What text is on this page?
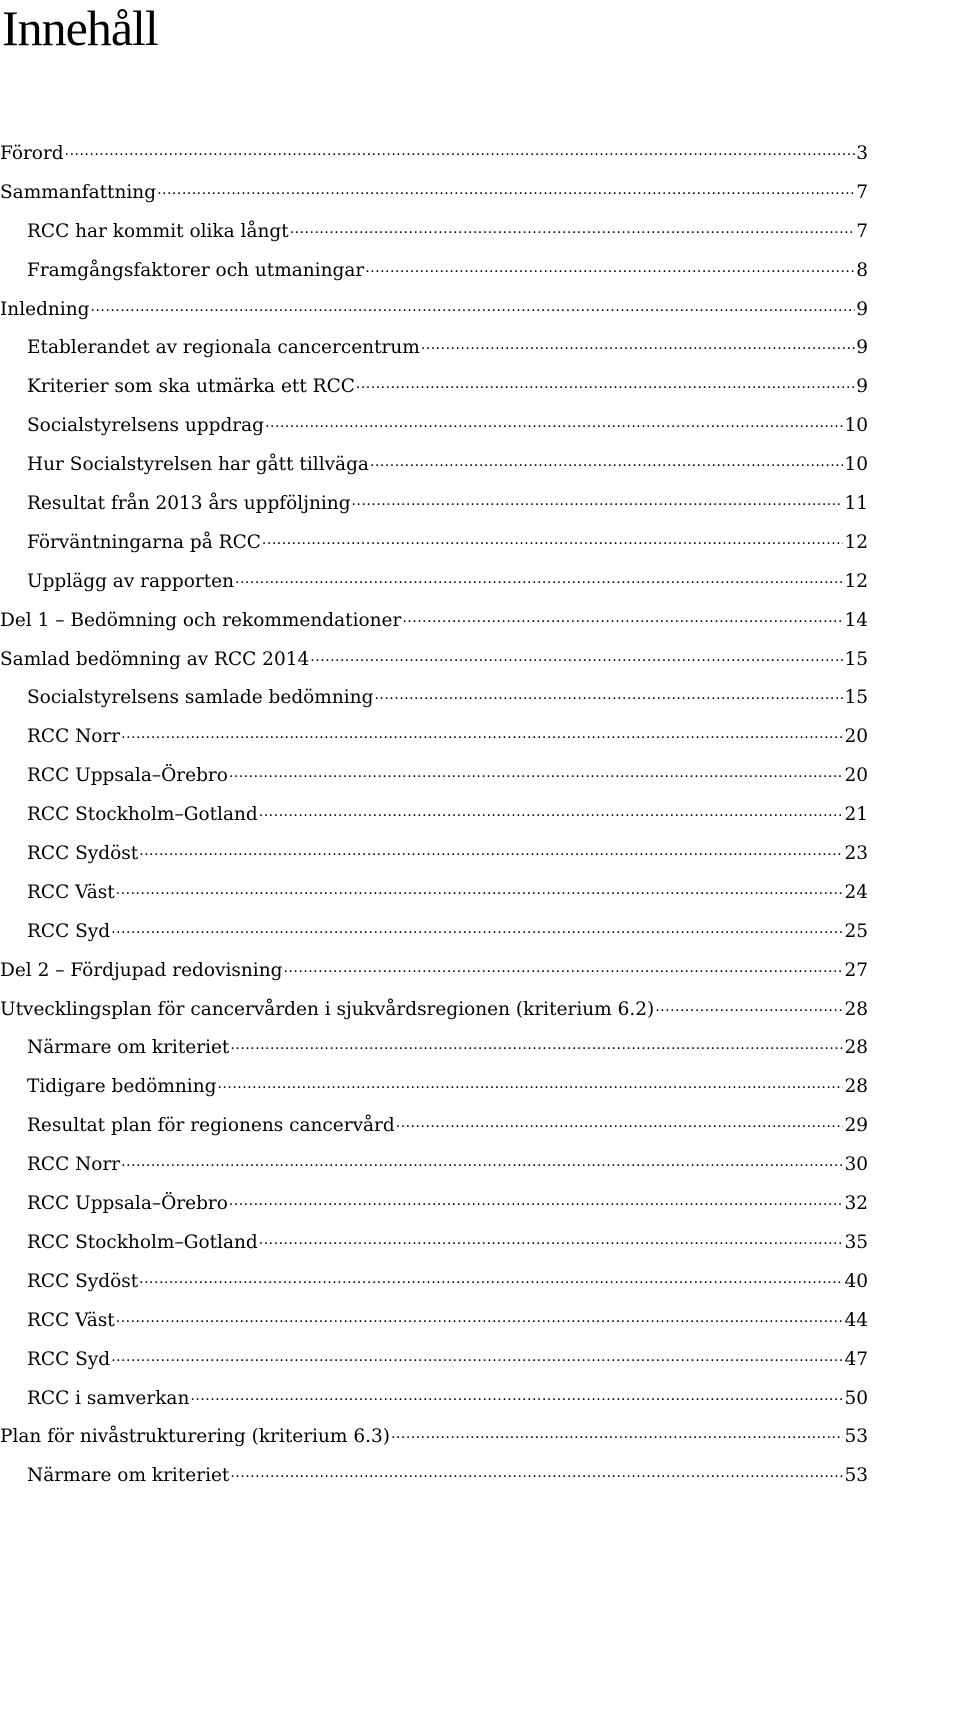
Innehåll
Förord .....	3
Sammanfattning .....	7
RCC har kommit olika långt .....	7
Framgångsfaktorer och utmaningar .....	8
Inledning .....	9
Etablerandet av regionala cancercentrum .....	9
Kriterier som ska utmärka ett RCC .....	9
Socialstyrelsens uppdrag .....	10
Hur Socialstyrelsen har gått tillväga .....	10
Resultat från 2013 års uppföljning .....	11
Förväntningarna på RCC .....	12
Upplägg av rapporten .....	12
Del 1 – Bedömning och rekommendationer .....	14
Samlad bedömning av RCC 2014 .....	15
Socialstyrelsens samlade bedömning .....	15
RCC Norr .....	20
RCC Uppsala–Örebro .....	20
RCC Stockholm–Gotland .....	21
RCC Sydöst .....	23
RCC Väst .....	24
RCC Syd .....	25
Del 2 – Fördjupad redovisning .....	27
Utvecklingsplan för cancervården i sjukvårdsregionen (kriterium 6.2) .....	28
Närmare om kriteriet .....	28
Tidigare bedömning .....	28
Resultat plan för regionens cancervård .....	29
RCC Norr .....	30
RCC Uppsala–Örebro .....	32
RCC Stockholm–Gotland .....	35
RCC Sydöst .....	40
RCC Väst .....	44
RCC Syd .....	47
RCC i samverkan .....	50
Plan för nivåstrukturering (kriterium 6.3) .....	53
Närmare om kriteriet .....	53
